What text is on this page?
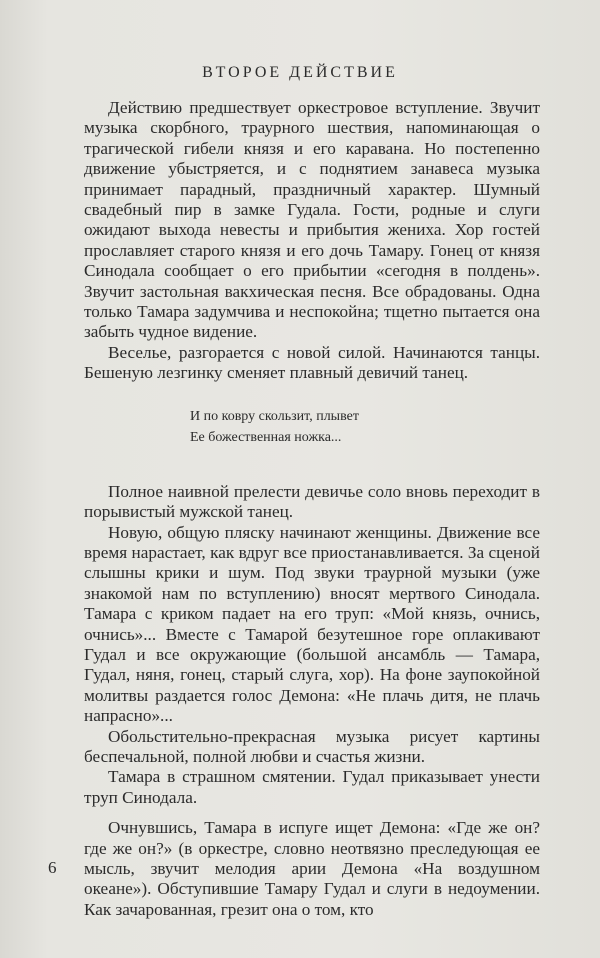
ВТОРОЕ ДЕЙСТВИЕ

Действию предшествует оркестровое вступление. Звучит музыка скорбного, траурного шествия, напоминающая о трагической гибели князя и его каравана. Но постепенно движение убыстряется, и с поднятием занавеса музыка принимает парадный, праздничный характер. Шумный свадебный пир в замке Гудала. Гости, родные и слуги ожидают выхода невесты и прибытия жениха. Хор гостей прославляет старого князя и его дочь Тамару. Гонец от князя Синодала сообщает о его прибытии «сегодня в полдень». Звучит застольная вакхическая песня. Все обрадованы. Одна только Тамара задумчива и неспокойна; тщетно пытается она забыть чудное видение.

Веселье, разгорается с новой силой. Начинаются танцы. Бешеную лезгинку сменяет плавный девичий танец.

И по ковру скользит, плывет
Ее божественная ножка...

Полное наивной прелести девичье соло вновь переходит в порывистый мужской танец.

Новую, общую пляску начинают женщины. Движение все время нарастает, как вдруг все приостанавливается. За сценой слышны крики и шум. Под звуки траурной музыки (уже знакомой нам по вступлению) вносят мертвого Синодала. Тамара с криком падает на его труп: «Мой князь, очнись, очнись»... Вместе с Тамарой безутешное горе оплакивают Гудал и все окружающие (большой ансамбль — Тамара, Гудал, няня, гонец, старый слуга, хор). На фоне заупокойной молитвы раздается голос Демона: «Не плачь дитя, не плачь напрасно»...

Обольстительно-прекрасная музыка рисует картины беспечальной, полной любви и счастья жизни.

Тамара в страшном смятении. Гудал приказывает унести труп Синодала.

Очнувшись, Тамара в испуге ищет Демона: «Где же он? где же он?» (в оркестре, словно неотвязно преследующая ее мысль, звучит мелодия арии Демона «На воздушном океане»). Обступившие Тамару Гудал и слуги в недоумении. Как зачарованная, грезит она о том, кто

6
